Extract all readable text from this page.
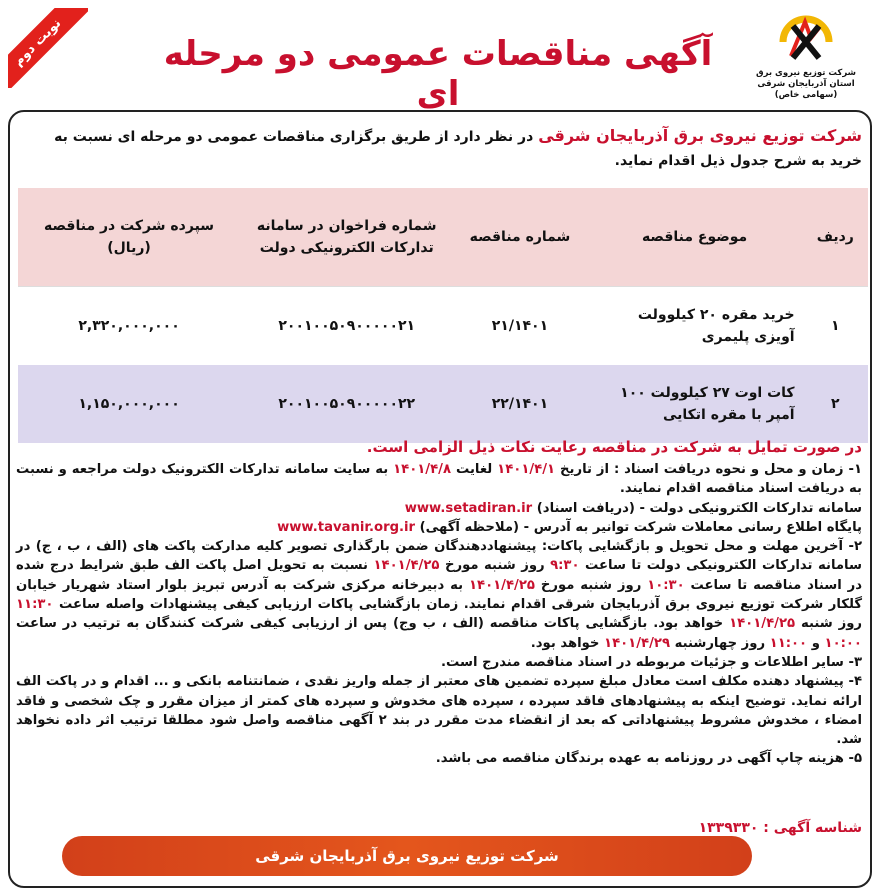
نوبت دوم	آگهی مناقصات عمومی دو مرحله ای
شرکت توزیع نیروی برق استان آذربایجان شرقی
(سهامی خاص)
شرکت توزیع نیروی برق آذربایجان شرقی در نظر دارد از طریق برگزاری مناقصات عمومی دو مرحله ای نسبت به خرید به شرح جدول ذیل اقدام نماید.
ردیف	موضوع مناقصه	شماره مناقصه	شماره فراخوان در سامانه تدارکات الکترونیکی دولت	سپرده شرکت در مناقصه (ریال)
۱	خرید مقره ۲۰ کیلوولت آویزی پلیمری	۲۱/۱۴۰۱	۲۰۰۱۰۰۵۰۹۰۰۰۰۰۲۱	۲,۳۲۰,۰۰۰,۰۰۰
۲	کات اوت ۲۷ کیلوولت ۱۰۰ آمپر با مقره اتکایی	۲۲/۱۴۰۱	۲۰۰۱۰۰۵۰۹۰۰۰۰۰۲۲	۱,۱۵۰,۰۰۰,۰۰۰
در صورت تمایل به شرکت در مناقصه رعایت نکات ذیل الزامی است.

۱- زمان و محل و نحوه دریافت اسناد : از تاریخ ۱۴۰۱/۴/۱ لغایت ۱۴۰۱/۴/۸ به سایت سامانه تدارکات الکترونیک دولت مراجعه و نسبت به دریافت اسناد مناقصه اقدام نمایند.

سامانه تدارکات الکترونیکی دولت - (دریافت اسناد) www.setadiran.ir

پایگاه اطلاع رسانی معاملات شرکت توانیر به آدرس - (ملاحظه آگهی) www.tavanir.org.ir

۲- آخرین مهلت و محل تحویل و بازگشایی پاکات: پیشنهاددهندگان ضمن بارگذاری تصویر کلیه مدارکت پاکت های (الف ، ب ، ج) در سامانه تدارکات الکترونیکی دولت تا ساعت ۹:۳۰ روز شنبه مورخ ۱۴۰۱/۴/۲۵ نسبت به تحویل اصل پاکت الف طبق شرایط درج شده در اسناد مناقصه تا ساعت ۱۰:۳۰ روز شنبه مورخ ۱۴۰۱/۴/۲۵ به دبیرخانه مرکزی شرکت به آدرس تبریز بلوار استاد شهریار خیابان گلکار شرکت توزیع نیروی برق آذربایجان شرقی اقدام نمایند. زمان بازگشایی پاکات ارزیابی کیفی پیشنهادات واصله ساعت ۱۱:۳۰ روز شنبه ۱۴۰۱/۴/۲۵ خواهد بود. بازگشایی پاکات مناقصه (الف ، ب وج) پس از ارزیابی کیفی شرکت کنندگان به ترتیب در ساعت ۱۰:۰۰ و ۱۱:۰۰ روز چهارشنبه ۱۴۰۱/۴/۲۹ خواهد بود.

۳- سایر اطلاعات و جزئیات مربوطه در اسناد مناقصه مندرج است.

۴- پیشنهاد دهنده مکلف است معادل مبلغ سپرده تضمین های معتبر از جمله واریز نقدی ، ضمانتنامه بانکی و ... اقدام و در پاکت الف ارائه نماید. توضیح اینکه به پیشنهادهای فاقد سپرده ، سپرده های مخدوش و سپرده های کمتر از میزان مقرر و چک شخصی و فاقد امضاء ، مخدوش مشروط پیشنهاداتی که بعد از انقضاء مدت مقرر در بند ۲ آگهی مناقصه واصل شود مطلقا ترتیب اثر داده نخواهد شد.

۵- هزینه چاپ آگهی در روزنامه به عهده برندگان مناقصه می باشد.

شناسه آگهی : ۱۳۳۹۳۳۰
شرکت توزیع نیروی برق آذربایجان شرقی
